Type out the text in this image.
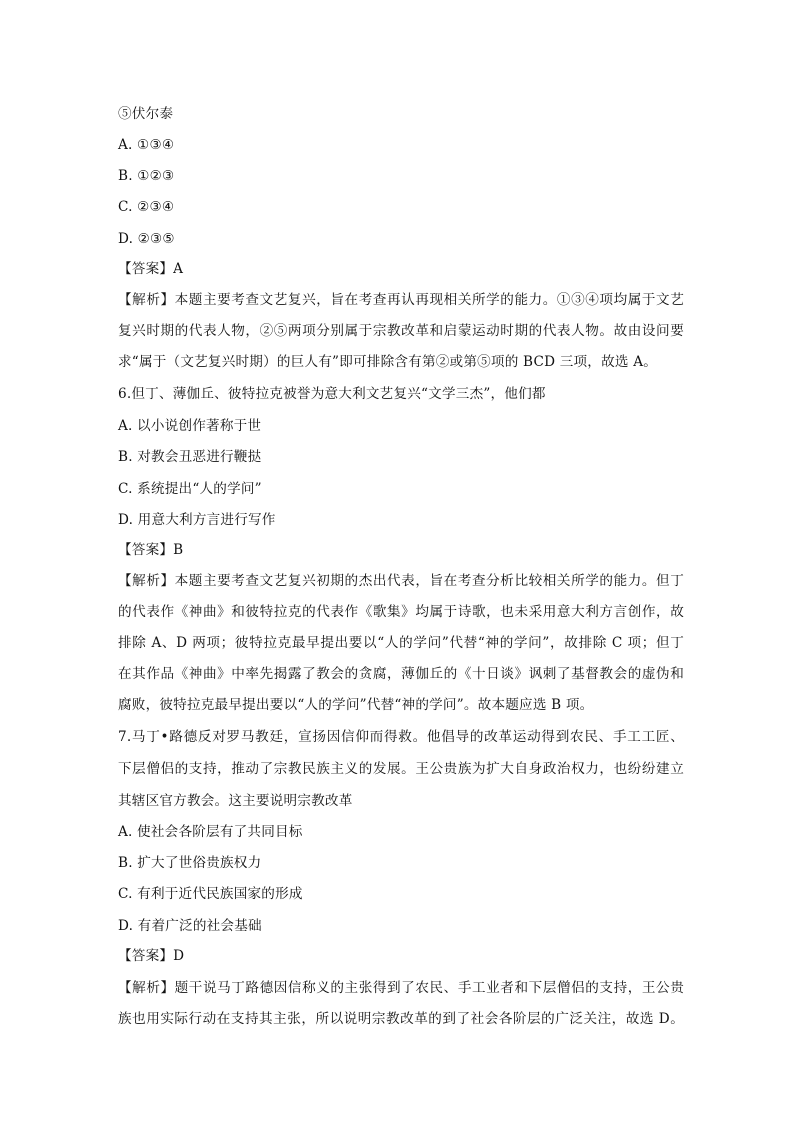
⑤伏尔泰
A. ①③④
B. ①②③
C. ②③④
D. ②③⑤
【答案】A
【解析】本题主要考查文艺复兴，旨在考查再认再现相关所学的能力。①③④项均属于文艺
复兴时期的代表人物，②⑤两项分别属于宗教改革和启蒙运动时期的代表人物。故由设问要
求“属于（文艺复兴时期）的巨人有”即可排除含有第②或第⑤项的 BCD 三项，故选 A。
6.但丁、薄伽丘、彼特拉克被誉为意大利文艺复兴“文学三杰”，他们都
A. 以小说创作著称于世
B. 对教会丑恶进行鞭挞
C. 系统提出“人的学问”
D. 用意大利方言进行写作
【答案】B
【解析】本题主要考查文艺复兴初期的杰出代表，旨在考查分析比较相关所学的能力。但丁
的代表作《神曲》和彼特拉克的代表作《歌集》均属于诗歌，也未采用意大利方言创作，故
排除 A、D 两项；彼特拉克最早提出要以“人的学问”代替“神的学问”，故排除 C 项；但丁
在其作品《神曲》中率先揭露了教会的贪腐，薄伽丘的《十日谈》讽刺了基督教会的虚伪和
腐败，彼特拉克最早提出要以“人的学问”代替“神的学问”。故本题应选 B 项。
7.马丁•路德反对罗马教廷，宣扬因信仰而得救。他倡导的改革运动得到农民、手工工匠、
下层僧侣的支持，推动了宗教民族主义的发展。王公贵族为扩大自身政治权力，也纷纷建立
其辖区官方教会。这主要说明宗教改革
A. 使社会各阶层有了共同目标
B. 扩大了世俗贵族权力
C. 有利于近代民族国家的形成
D. 有着广泛的社会基础
【答案】D
【解析】题干说马丁路德因信称义的主张得到了农民、手工业者和下层僧侣的支持，王公贵
族也用实际行动在支持其主张，所以说明宗教改革的到了社会各阶层的广泛关注，故选 D。
